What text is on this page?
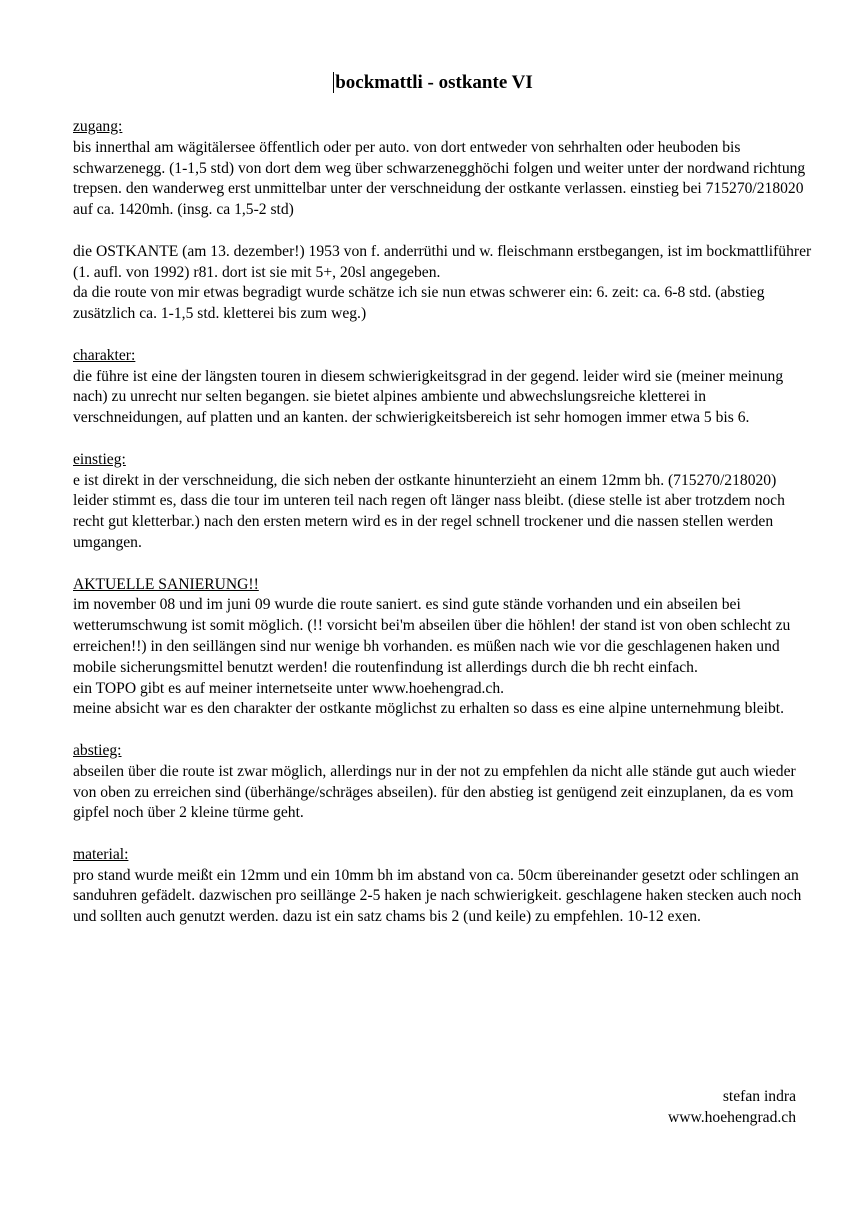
bockmattli - ostkante VI
zugang:
bis innerthal am wägitälersee öffentlich oder per auto. von dort entweder von sehrhalten oder heuboden bis schwarzenegg. (1-1,5 std) von dort dem weg über schwarzenegghöchi folgen und weiter unter der nordwand richtung trepsen. den wanderweg erst unmittelbar unter der verschneidung der ostkante verlassen. einstieg bei 715270/218020 auf ca. 1420mh. (insg. ca 1,5-2 std)
die OSTKANTE (am 13. dezember!) 1953 von f. anderrüthi und w. fleischmann erstbegangen, ist im bockmattliführer (1. aufl. von 1992) r81. dort ist sie mit 5+, 20sl angegeben.
da die route von mir etwas begradigt wurde schätze ich sie nun etwas schwerer ein: 6. zeit: ca. 6-8 std. (abstieg zusätzlich ca. 1-1,5 std. kletterei bis zum weg.)
charakter:
die führe ist eine der längsten touren in diesem schwierigkeitsgrad in der gegend. leider wird sie (meiner meinung nach) zu unrecht nur selten begangen. sie bietet alpines ambiente und abwechslungsreiche kletterei in verschneidungen, auf platten und an kanten. der schwierigkeitsbereich ist sehr homogen immer etwa 5 bis 6.
einstieg:
e ist direkt in der verschneidung, die sich neben der ostkante hinunterzieht an einem 12mm bh. (715270/218020)
leider stimmt es, dass die tour im unteren teil nach regen oft länger nass bleibt. (diese stelle ist aber trotzdem noch recht gut kletterbar.) nach den ersten metern wird es in der regel schnell trockener und die nassen stellen werden umgangen.
AKTUELLE SANIERUNG!!
im november 08 und im juni 09 wurde die route saniert. es sind gute stände vorhanden und ein abseilen bei wetterumschwung ist somit möglich. (!! vorsicht bei'm abseilen über die höhlen! der stand ist von oben schlecht zu erreichen!!) in den seillängen sind nur wenige bh vorhanden. es müßen nach wie vor die geschlagenen haken und mobile sicherungsmittel benutzt werden! die routenfindung ist allerdings durch die bh recht einfach.
ein TOPO gibt es auf meiner internetseite unter www.hoehengrad.ch.
meine absicht war es den charakter der ostkante möglichst zu erhalten so dass es eine alpine unternehmung bleibt.
abstieg:
abseilen über die route ist zwar möglich, allerdings nur in der not zu empfehlen da nicht alle stände gut auch wieder von oben zu erreichen sind (überhänge/schräges abseilen). für den abstieg ist genügend zeit einzuplanen, da es vom gipfel noch über 2 kleine türme geht.
material:
pro stand wurde meißt ein 12mm und ein 10mm bh im abstand von ca. 50cm übereinander gesetzt oder schlingen an sanduhren gefädelt. dazwischen pro seillänge 2-5 haken je nach schwierigkeit. geschlagene haken stecken auch noch und sollten auch genutzt werden. dazu ist ein satz chams bis 2 (und keile) zu empfehlen. 10-12 exen.
stefan indra
www.hoehengrad.ch
